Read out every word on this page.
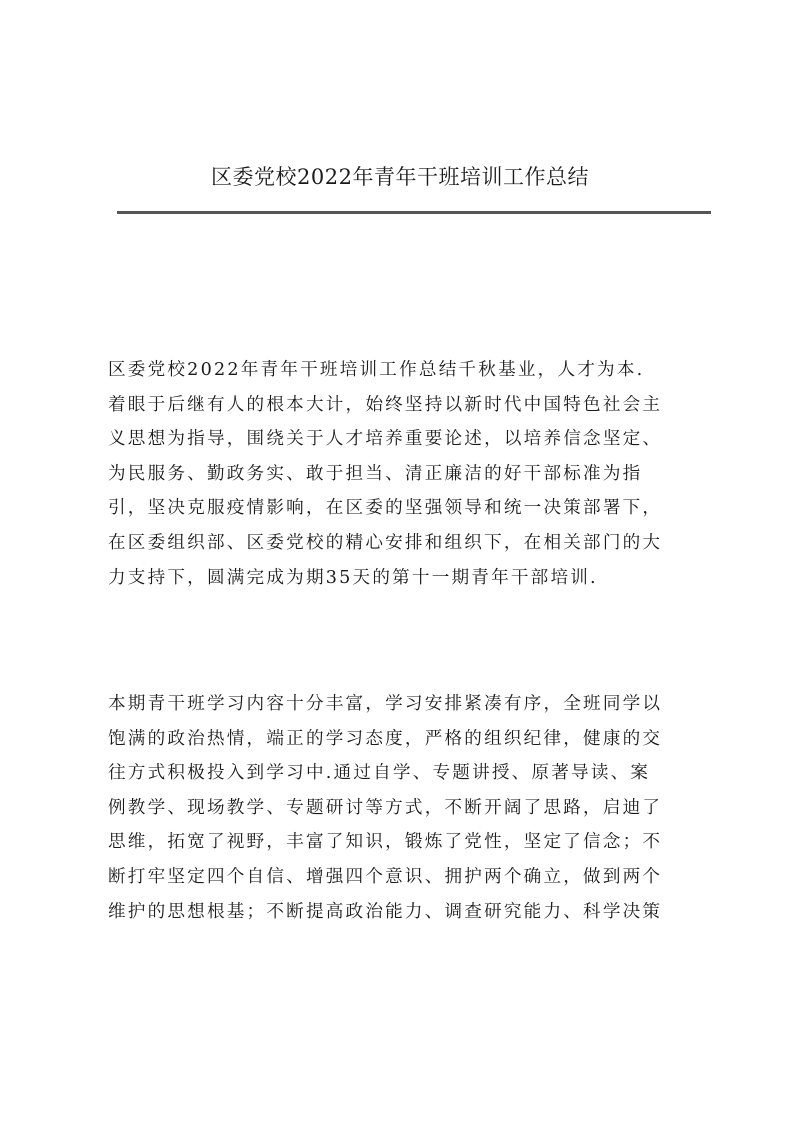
区委党校2022年青年干班培训工作总结
区委党校2022年青年干班培训工作总结千秋基业，人才为本.
着眼于后继有人的根本大计，始终坚持以新时代中国特色社会主
义思想为指导，围绕关于人才培养重要论述，以培养信念坚定、
为民服务、勤政务实、敢于担当、清正廉洁的好干部标准为指
引，坚决克服疫情影响，在区委的坚强领导和统一决策部署下，
在区委组织部、区委党校的精心安排和组织下，在相关部门的大
力支持下，圆满完成为期35天的第十一期青年干部培训.
本期青干班学习内容十分丰富，学习安排紧凑有序，全班同学以
饱满的政治热情，端正的学习态度，严格的组织纪律，健康的交
往方式积极投入到学习中.通过自学、专题讲授、原著导读、案
例教学、现场教学、专题研讨等方式，不断开阔了思路，启迪了
思维，拓宽了视野，丰富了知识，锻炼了党性，坚定了信念；不
断打牢坚定四个自信、增强四个意识、拥护两个确立，做到两个
维护的思想根基；不断提高政治能力、调查研究能力、科学决策
